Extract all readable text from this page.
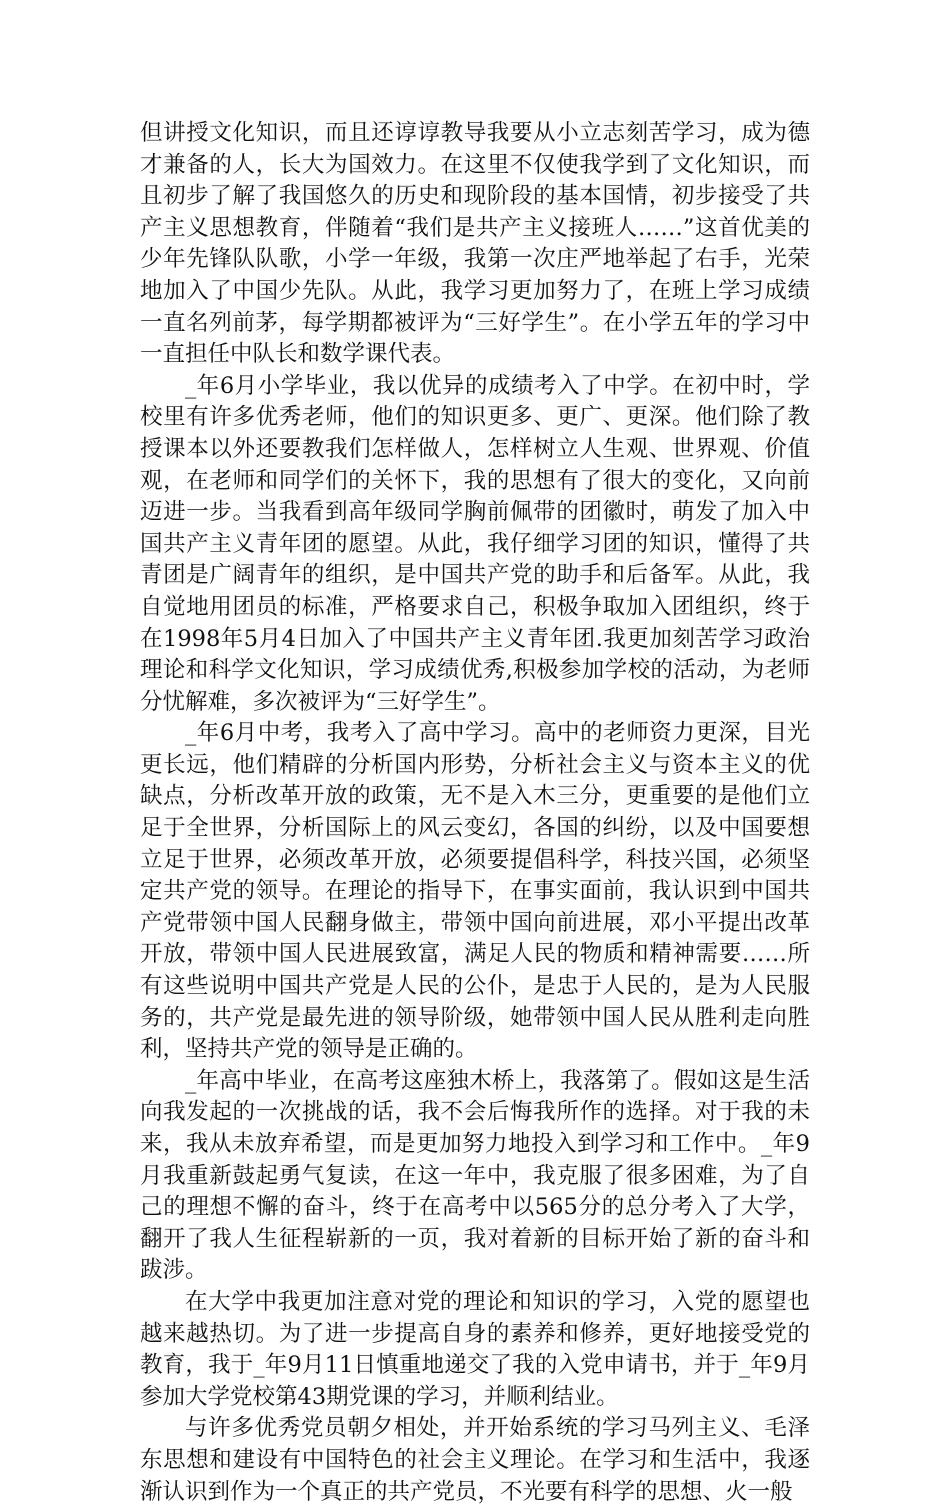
但讲授文化知识，而且还谆谆教导我要从小立志刻苦学习，成为德才兼备的人，长大为国效力。在这里不仅使我学到了文化知识，而且初步了解了我国悠久的历史和现阶段的基本国情，初步接受了共产主义思想教育，伴随着“我们是共产主义接班人……”这首优美的少年先锋队队歌，小学一年级，我第一次庄严地举起了右手，光荣地加入了中国少先队。从此，我学习更加努力了，在班上学习成绩一直名列前茅，每学期都被评为“三好学生”。在小学五年的学习中一直担任中队长和数学课代表。

_年6月小学毕业，我以优异的成绩考入了中学。在初中时，学校里有许多优秀老师，他们的知识更多、更广、更深。他们除了教授课本以外还要教我们怎样做人，怎样树立人生观、世界观、价值观，在老师和同学们的关怀下，我的思想有了很大的变化，又向前迈进一步。当我看到高年级同学胸前佩带的团徽时，萌发了加入中国共产主义青年团的愿望。从此，我仔细学习团的知识，懂得了共青团是广阔青年的组织，是中国共产党的助手和后备军。从此，我自觉地用团员的标准，严格要求自己，积极争取加入团组织，终于在1998年5月4日加入了中国共产主义青年团.我更加刻苦学习政治理论和科学文化知识，学习成绩优秀,积极参加学校的活动，为老师分忧解难，多次被评为“三好学生”。

_年6月中考，我考入了高中学习。高中的老师资力更深，目光更长远，他们精辟的分析国内形势，分析社会主义与资本主义的优缺点，分析改革开放的政策，无不是入木三分，更重要的是他们立足于全世界，分析国际上的风云变幻，各国的纠纷，以及中国要想立足于世界，必须改革开放，必须要提倡科学，科技兴国，必须坚定共产党的领导。在理论的指导下，在事实面前，我认识到中国共产党带领中国人民翻身做主，带领中国向前进展，邓小平提出改革开放，带领中国人民进展致富，满足人民的物质和精神需要……所有这些说明中国共产党是人民的公仆，是忠于人民的，是为人民服务的，共产党是最先进的领导阶级，她带领中国人民从胜利走向胜利，坚持共产党的领导是正确的。

_年高中毕业，在高考这座独木桥上，我落第了。假如这是生活向我发起的一次挑战的话，我不会后悔我所作的选择。对于我的未来，我从未放弃希望，而是更加努力地投入到学习和工作中。_年9月我重新鼓起勇气复读，在这一年中，我克服了很多困难，为了自己的理想不懈的奋斗，终于在高考中以565分的总分考入了大学，翻开了我人生征程崭新的一页，我对着新的目标开始了新的奋斗和跋涉。

在大学中我更加注意对党的理论和知识的学习，入党的愿望也越来越热切。为了进一步提高自身的素养和修养，更好地接受党的教育，我于_年9月11日慎重地递交了我的入党申请书，并于_年9月参加大学党校第43期党课的学习，并顺利结业。

与许多优秀党员朝夕相处，并开始系统的学习马列主义、毛泽东思想和建设有中国特色的社会主义理论。在学习和生活中，我逐渐认识到作为一个真正的共产党员，不光要有科学的思想、火一般
